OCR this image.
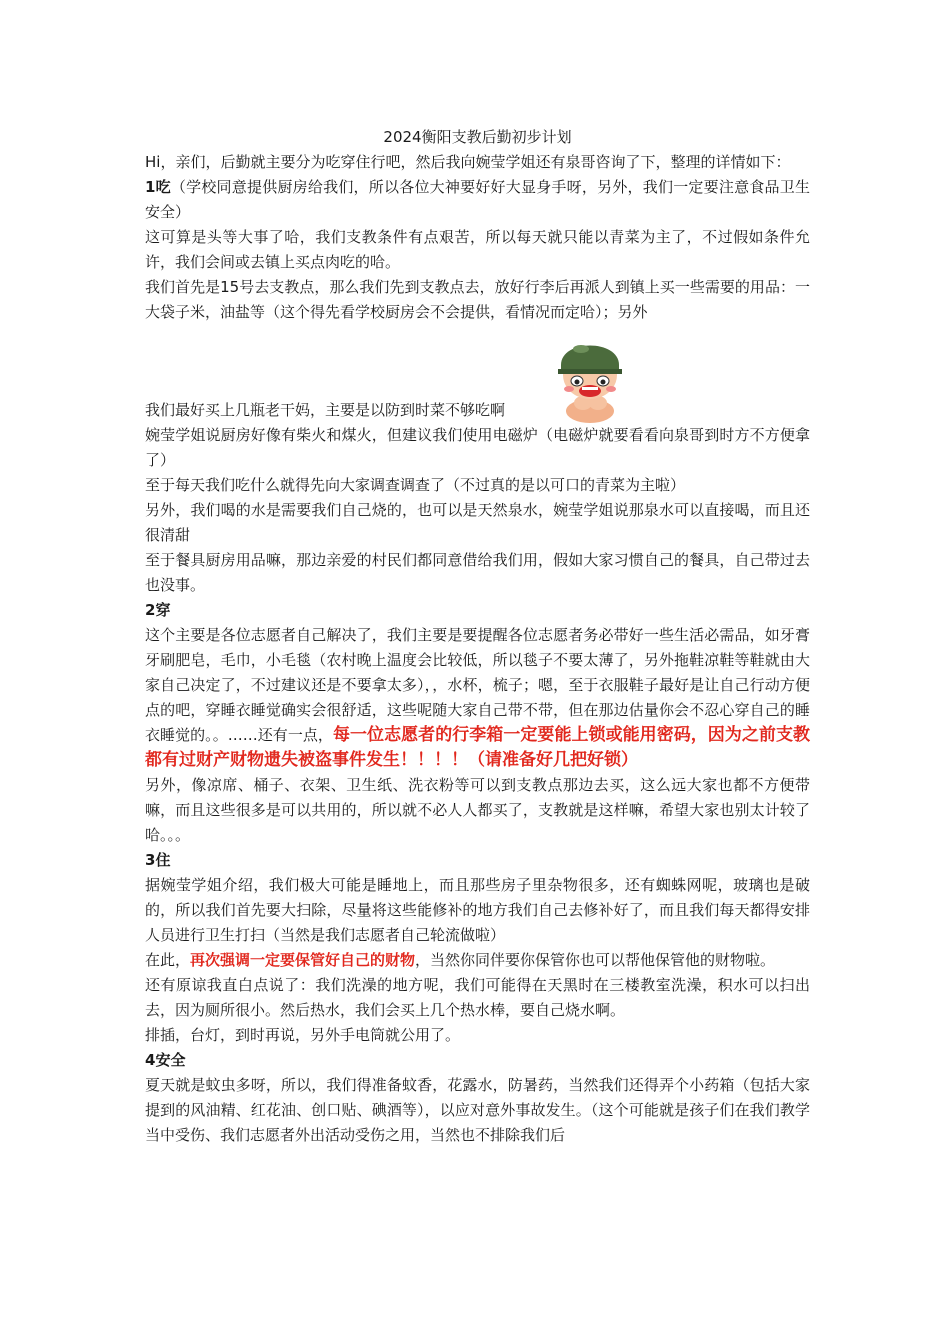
2024衡阳支教后勤初步计划

Hi，亲们，后勤就主要分为吃穿住行吧，然后我向婉莹学姐还有泉哥咨询了下，整理的详情如下：

1吃（学校同意提供厨房给我们，所以各位大神要好好大显身手呀，另外，我们一定要注意食品卫生安全）

这可算是头等大事了哈，我们支教条件有点艰苦，所以每天就只能以青菜为主了，不过假如条件允许，我们会间或去镇上买点肉吃的哈。

我们首先是15号去支教点，那么我们先到支教点去，放好行李后再派人到镇上买一些需要的用品：一大袋子米，油盐等（这个得先看学校厨房会不会提供，看情况而定哈）；另外

我们最好买上几瓶老干妈，主要是以防到时菜不够吃啊

婉莹学姐说厨房好像有柴火和煤火，但建议我们使用电磁炉（电磁炉就要看看向泉哥到时方不方便拿了）

至于每天我们吃什么就得先向大家调查调查了（不过真的是以可口的青菜为主啦）

另外，我们喝的水是需要我们自己烧的，也可以是天然泉水，婉莹学姐说那泉水可以直接喝，而且还很清甜

至于餐具厨房用品嘛，那边亲爱的村民们都同意借给我们用，假如大家习惯自己的餐具，自己带过去也没事。

2穿

这个主要是各位志愿者自己解决了，我们主要是要提醒各位志愿者务必带好一些生活必需品，如牙膏牙刷肥皂，毛巾，小毛毯（农村晚上温度会比较低，所以毯子不要太薄了，另外拖鞋凉鞋等鞋就由大家自己决定了，不过建议还是不要拿太多），，水杯，梳子；嗯，至于衣服鞋子最好是让自己行动方便点的吧，穿睡衣睡觉确实会很舒适，这些呢随大家自己带不带，但在那边估量你会不忍心穿自己的睡衣睡觉的。。……还有一点，每一位志愿者的行李箱一定要能上锁或能用密码，因为之前支教都有过财产财物遗失被盗事件发生！！！！（请准备好几把好锁）

另外，像凉席、桶子、衣架、卫生纸、洗衣粉等可以到支教点那边去买，这么远大家也都不方便带嘛，而且这些很多是可以共用的，所以就不必人人都买了，支教就是这样嘛，希望大家也别太计较了哈。。。

3住

据婉莹学姐介绍，我们极大可能是睡地上，而且那些房子里杂物很多，还有蜘蛛网呢，玻璃也是破的，所以我们首先要大扫除，尽量将这些能修补的地方我们自己去修补好了，而且我们每天都得安排人员进行卫生打扫（当然是我们志愿者自己轮流做啦）

在此，再次强调一定要保管好自己的财物，当然你同伴要你保管你也可以帮他保管他的财物啦。

还有原谅我直白点说了：我们洗澡的地方呢，我们可能得在天黑时在三楼教室洗澡，积水可以扫出去，因为厕所很小。然后热水，我们会买上几个热水棒，要自己烧水啊。

排插，台灯，到时再说，另外手电筒就公用了。

4安全

夏天就是蚊虫多呀，所以，我们得准备蚊香，花露水，防暑药，当然我们还得弄个小药箱（包括大家提到的风油精、红花油、创口贴、碘酒等），以应对意外事故发生。（这个可能就是孩子们在我们教学当中受伤、我们志愿者外出活动受伤之用，当然也不排除我们后
